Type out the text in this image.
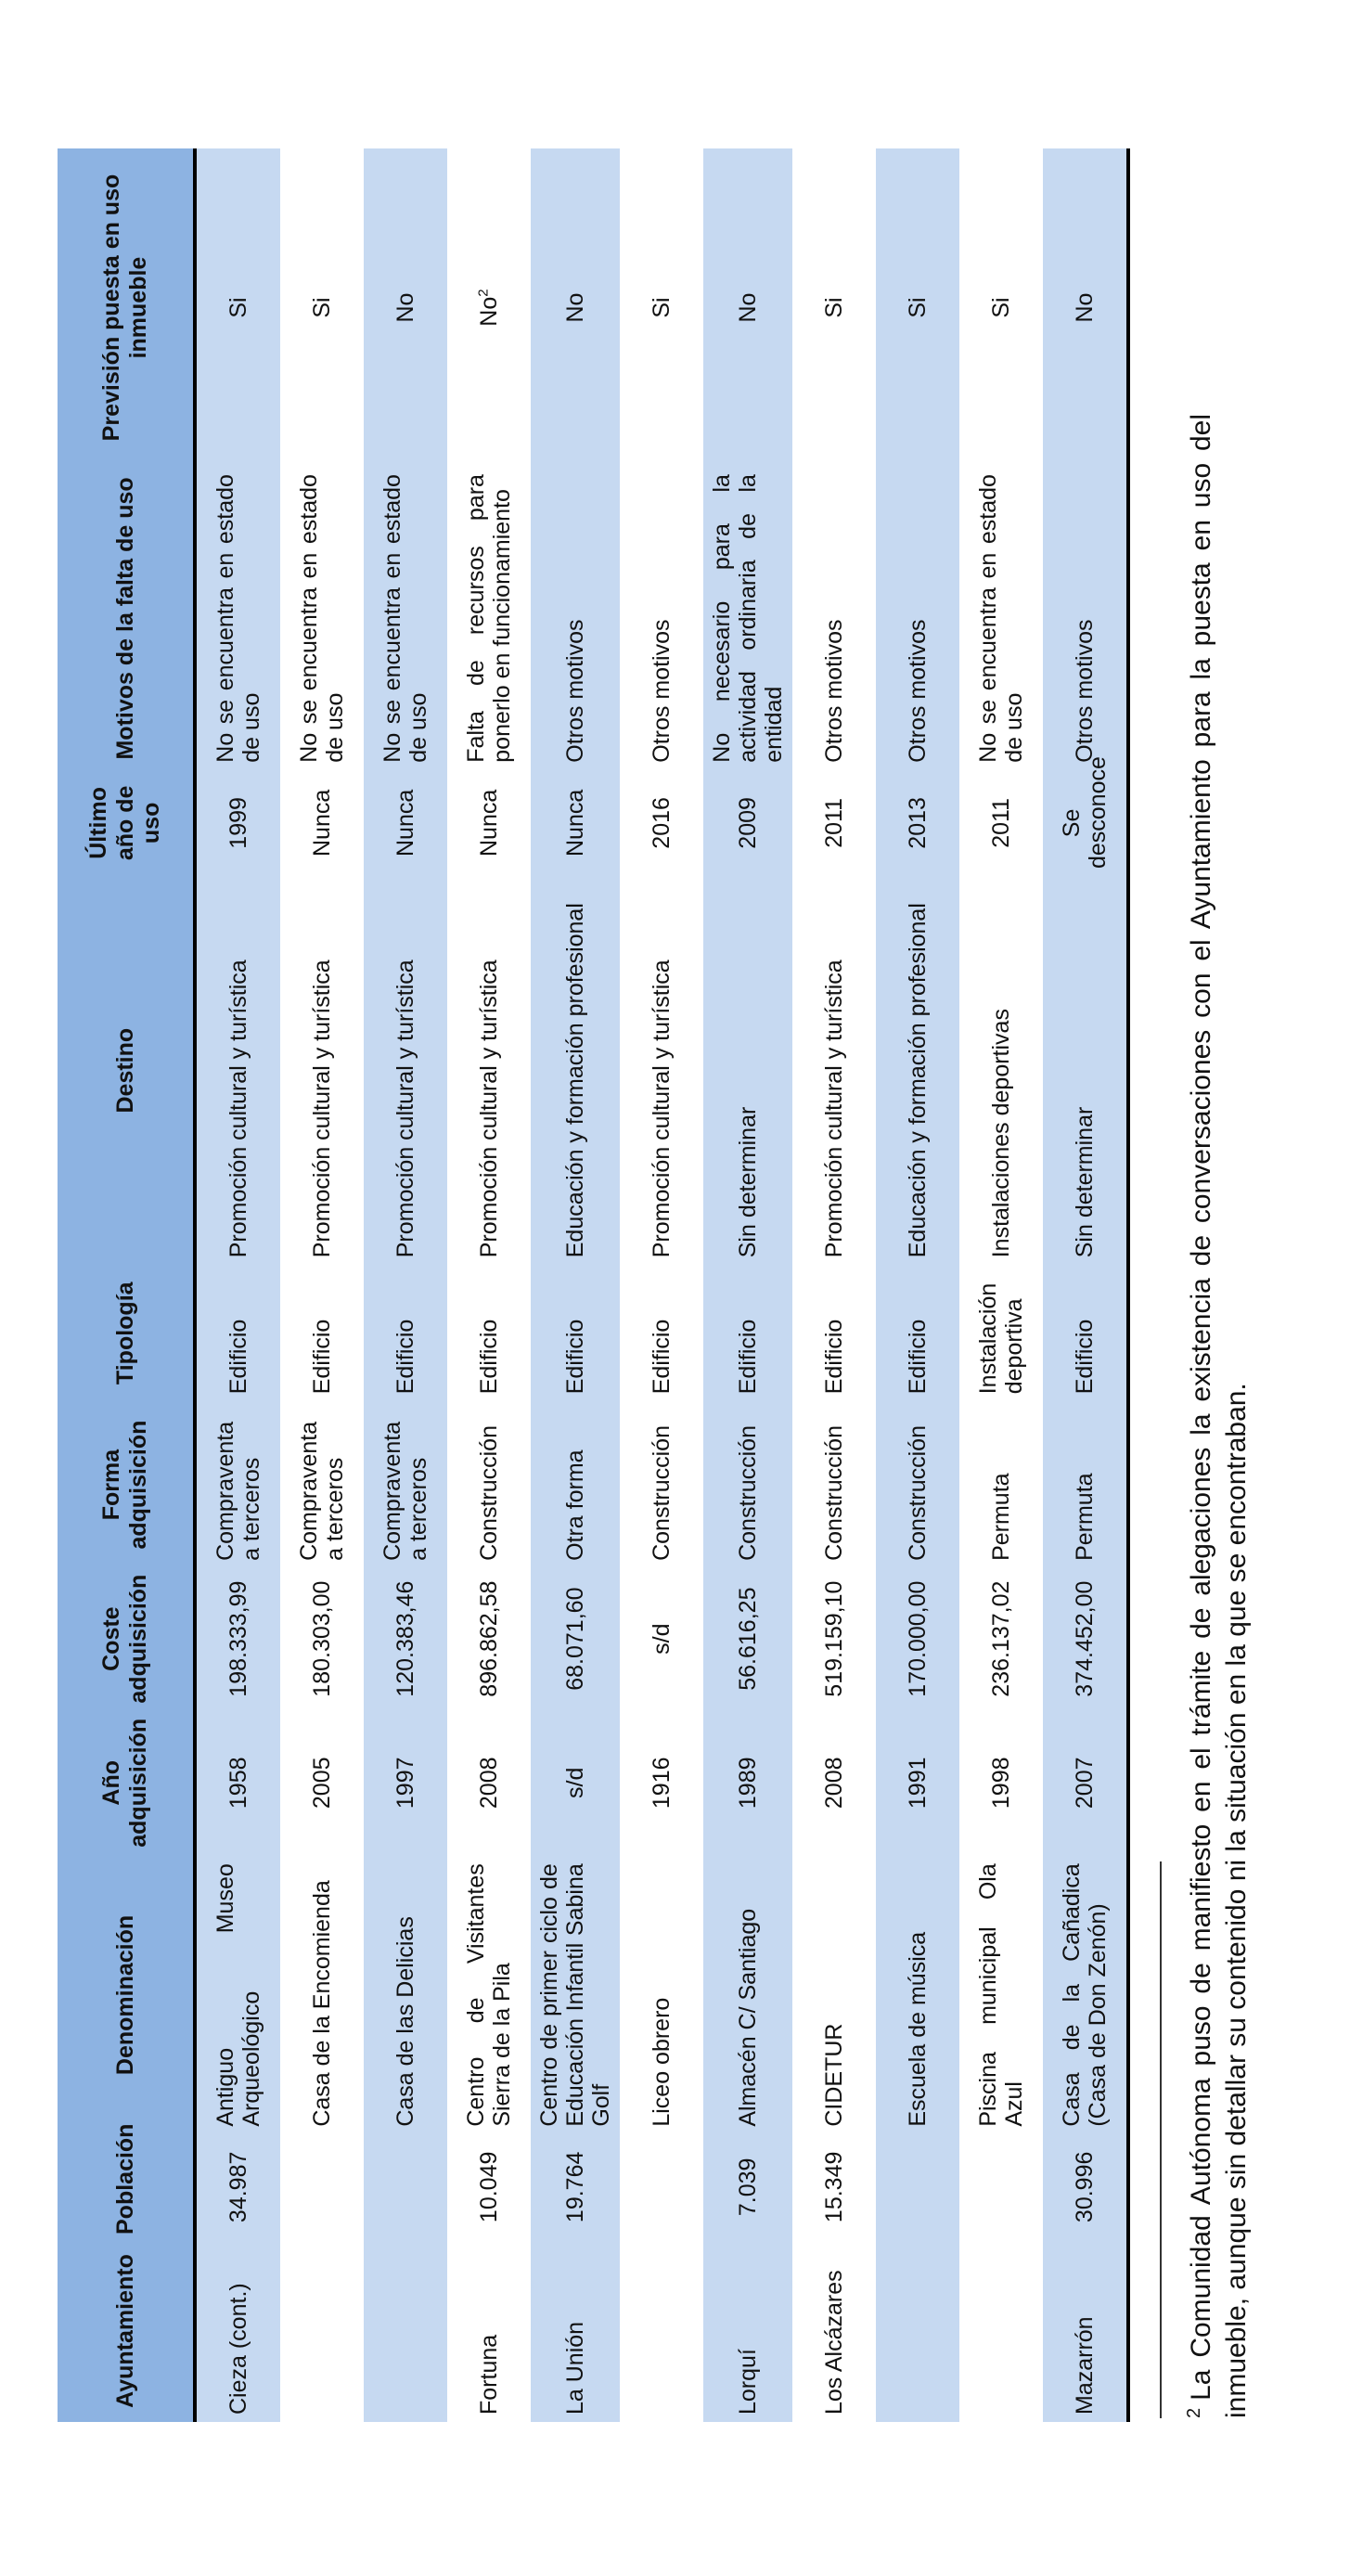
Ayuntamiento	Población	Denominación	Año adquisición	Coste adquisición	Forma adquisición	Tipología	Destino	Último año de uso	Motivos de la falta de uso	Previsión puesta en uso inmueble
Cieza (cont.)	34.987	Antiguo Museo Arqueológico	1958	198.333,99	Compraventa a terceros	Edificio	Promoción cultural y turística	1999	No se encuentra en estado de uso	Si
		Casa de la Encomienda	2005	180.303,00	Compraventa a terceros	Edificio	Promoción cultural y turística	Nunca	No se encuentra en estado de uso	Si
		Casa de las Delicias	1997	120.383,46	Compraventa a terceros	Edificio	Promoción cultural y turística	Nunca	No se encuentra en estado de uso	No
Fortuna	10.049	Centro de Visitantes Sierra de la Pila	2008	896.862,58	Construcción	Edificio	Promoción cultural y turística	Nunca	Falta de recursos para ponerlo en funcionamiento	No$^2$
La Unión	19.764	Centro de primer ciclo de Educación Infantil Sabina Golf	s/d	68.071,60	Otra forma	Edificio	Educación y formación profesional	Nunca	Otros motivos	No
		Liceo obrero	1916	s/d	Construcción	Edificio	Promoción cultural y turística	2016	Otros motivos	Si
Lorquí	7.039	Almacén C/ Santiago	1989	56.616,25	Construcción	Edificio	Sin determinar	2009	No necesario para la actividad ordinaria de la entidad	No
Los Alcázares	15.349	CIDETUR	2008	519.159,10	Construcción	Edificio	Promoción cultural y turística	2011	Otros motivos	Si
		Escuela de música	1991	170.000,00	Construcción	Edificio	Educación y formación profesional	2013	Otros motivos	Si
		Piscina municipal Ola Azul	1998	236.137,02	Permuta	Instalación deportiva	Instalaciones deportivas	2011	No se encuentra en estado de uso	Si
Mazarrón	30.996	Casa de la Cañadica (Casa de Don Zenón)	2007	374.452,00	Permuta	Edificio	Sin determinar	Se desconoce	Otros motivos	No
$^2$La Comunidad Autónoma puso de manifiesto en el trámite de alegaciones la existencia de conversaciones con el Ayuntamiento para la puesta en uso del inmueble, aunque sin detallar su contenido ni la situación en la que se encontraban.
